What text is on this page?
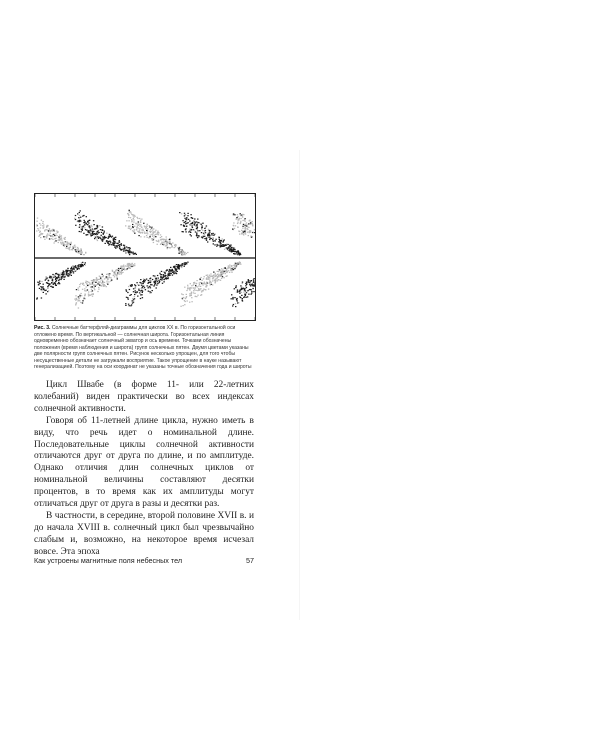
Рис. 3. Солнечные баттерфляй-диаграммы для циклов XX в. По горизонтальной оси отложено время. По вертикальной — солнечная широта. Горизонтальная линия одновременно обозначает солнечный экватор и ось времени. Точками обозначены положения (время наблюдения и широта) групп солнечных пятен. Двумя цветами указаны две полярности групп солнечных пятен. Рисунок несколько упрощен, для того чтобы несущественные детали не загружали восприятие. Такое упрощение в науке называют генерализацией. Поэтому на оси координат не указаны точные обозначения года и широты

Цикл Швабе (в форме 11- или 22-летних колебаний) виден практически во всех индексах солнечной активности.

Говоря об 11-летней длине цикла, нужно иметь в виду, что речь идет о номинальной длине. Последовательные циклы солнечной активности отличаются друг от друга по длине, и по амплитуде. Однако отличия длин солнечных циклов от номинальной величины составляют десятки процентов, в то время как их амплитуды могут отличаться друг от друга в разы и десятки раз.

В частности, в середине, второй половине XVII в. и до начала XVIII в. солнечный цикл был чрезвычайно слабым и, возможно, на некоторое время исчезал вовсе. Эта эпоха

Как устроены магнитные поля небесных тел	57
